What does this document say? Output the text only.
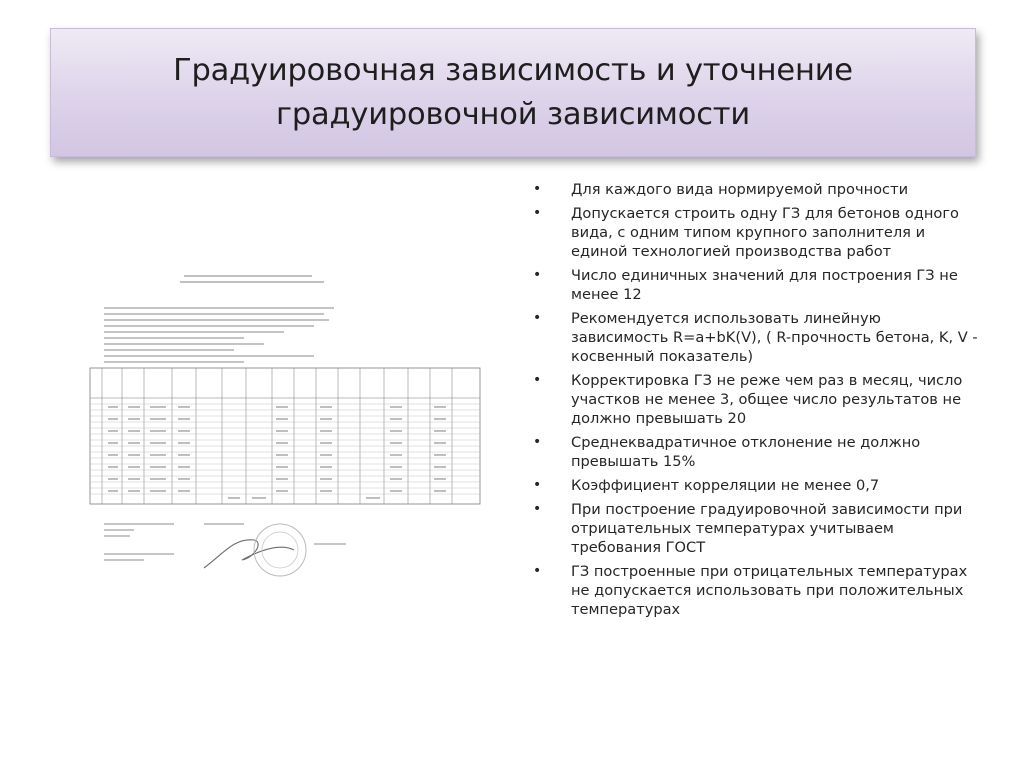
Градуировочная зависимость и уточнение
градуировочной зависимости
• Для каждого вида нормируемой прочности
• Допускается строить одну ГЗ для бетонов одного вида, с одним типом крупного заполнителя и единой технологией производства работ
• Число единичных значений для построения ГЗ не менее 12
• Рекомендуется использовать линейную зависимость R=a+bK(V), ( R-прочность бетона, K, V - косвенный показатель)
• Корректировка ГЗ не реже чем раз в месяц, число участков не менее 3, общее число результатов не должно превышать 20
• Среднеквадратичное отклонение не должно превышать 15%
• Коэффициент корреляции не менее 0,7
• При построение градуировочной зависимости при отрицательных температурах учитываем требования ГОСТ
• ГЗ построенные при отрицательных температурах не допускается использовать при положительных температурах
